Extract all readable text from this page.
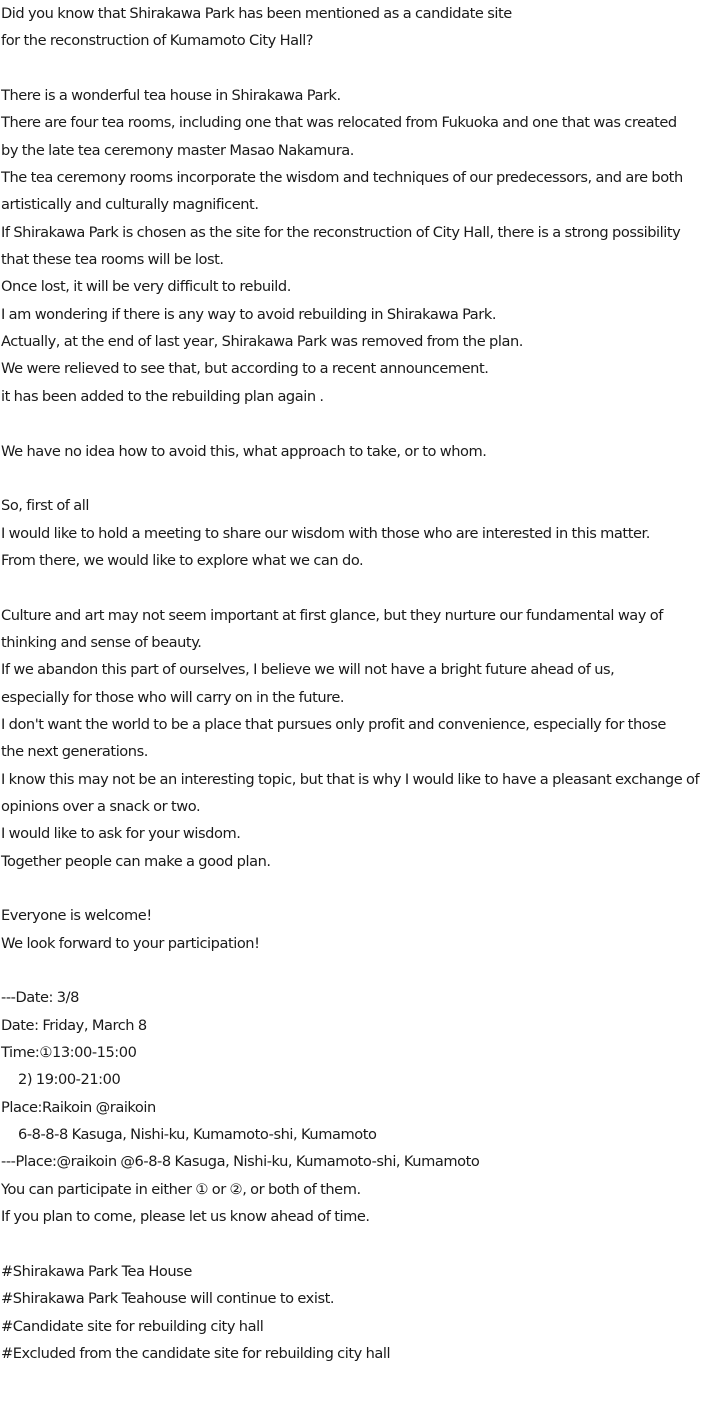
Did you know that Shirakawa Park has been mentioned as a candidate site
for the reconstruction of Kumamoto City Hall?
There is a wonderful tea house in Shirakawa Park.
There are four tea rooms, including one that was relocated from Fukuoka and one that was created
by the late tea ceremony master Masao Nakamura.
The tea ceremony rooms incorporate the wisdom and techniques of our predecessors, and are both
artistically and culturally magnificent.
If Shirakawa Park is chosen as the site for the reconstruction of City Hall, there is a strong possibility
that these tea rooms will be lost.
Once lost, it will be very difficult to rebuild.
I am wondering if there is any way to avoid rebuilding in Shirakawa Park.
Actually, at the end of last year, Shirakawa Park was removed from the plan.
We were relieved to see that, but according to a recent announcement.
it has been added to the rebuilding plan again .
We have no idea how to avoid this, what approach to take, or to whom.
So, first of all
I would like to hold a meeting to share our wisdom with those who are interested in this matter.
From there, we would like to explore what we can do.
Culture and art may not seem important at first glance, but they nurture our fundamental way of
thinking and sense of beauty.
If we abandon this part of ourselves, I believe we will not have a bright future ahead of us,
especially for those who will carry on in the future.
I don't want the world to be a place that pursues only profit and convenience, especially for those
the next generations.
I know this may not be an interesting topic, but that is why I would like to have a pleasant exchange of
opinions over a snack or two.
I would like to ask for your wisdom.
Together people can make a good plan.
Everyone is welcome!
We look forward to your participation!
---Date: 3/8
Date: Friday, March 8
Time:①13:00-15:00
2) 19:00-21:00
Place:Raikoin @raikoin
6-8-8-8 Kasuga, Nishi-ku, Kumamoto-shi, Kumamoto
---Place:@raikoin @6-8-8 Kasuga, Nishi-ku, Kumamoto-shi, Kumamoto
You can participate in either ① or ②, or both of them.
If you plan to come, please let us know ahead of time.
#Shirakawa Park Tea House
#Shirakawa Park Teahouse will continue to exist.
#Candidate site for rebuilding city hall
#Excluded from the candidate site for rebuilding city hall
